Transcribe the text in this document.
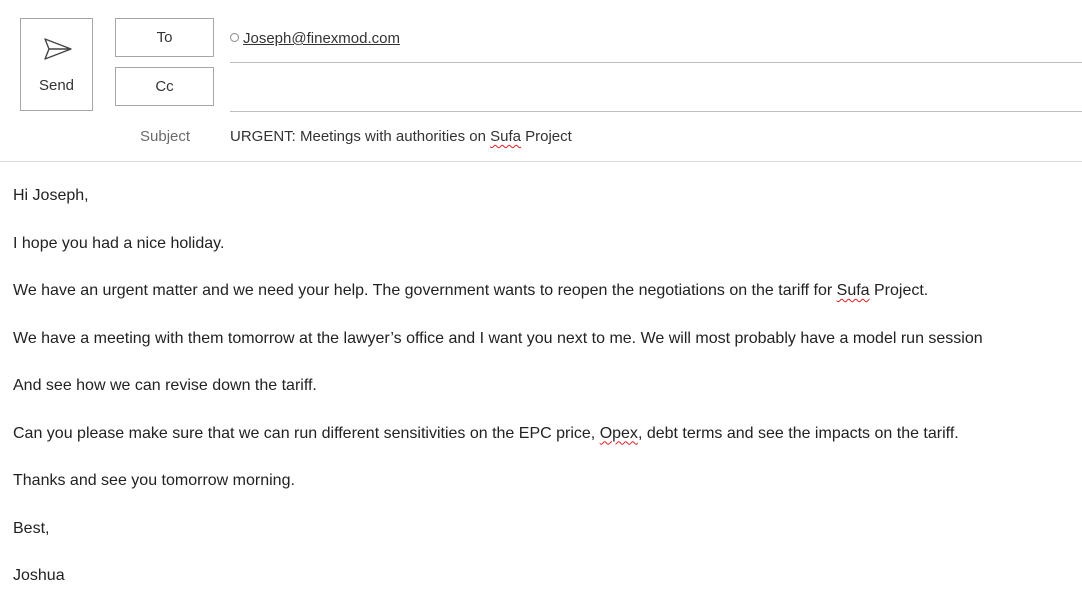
Send
To
Cc
Joseph@finexmod.com
Subject	URGENT: Meetings with authorities on Sufa Project
Hi Joseph,
I hope you had a nice holiday.
We have an urgent matter and we need your help. The government wants to reopen the negotiations on the tariff for Sufa Project.
We have a meeting with them tomorrow at the lawyer’s office and I want you next to me. We will most probably have a model run session
And see how we can revise down the tariff.
Can you please make sure that we can run different sensitivities on the EPC price, Opex, debt terms and see the impacts on the tariff.
Thanks and see you tomorrow morning.
Best,
Joshua
